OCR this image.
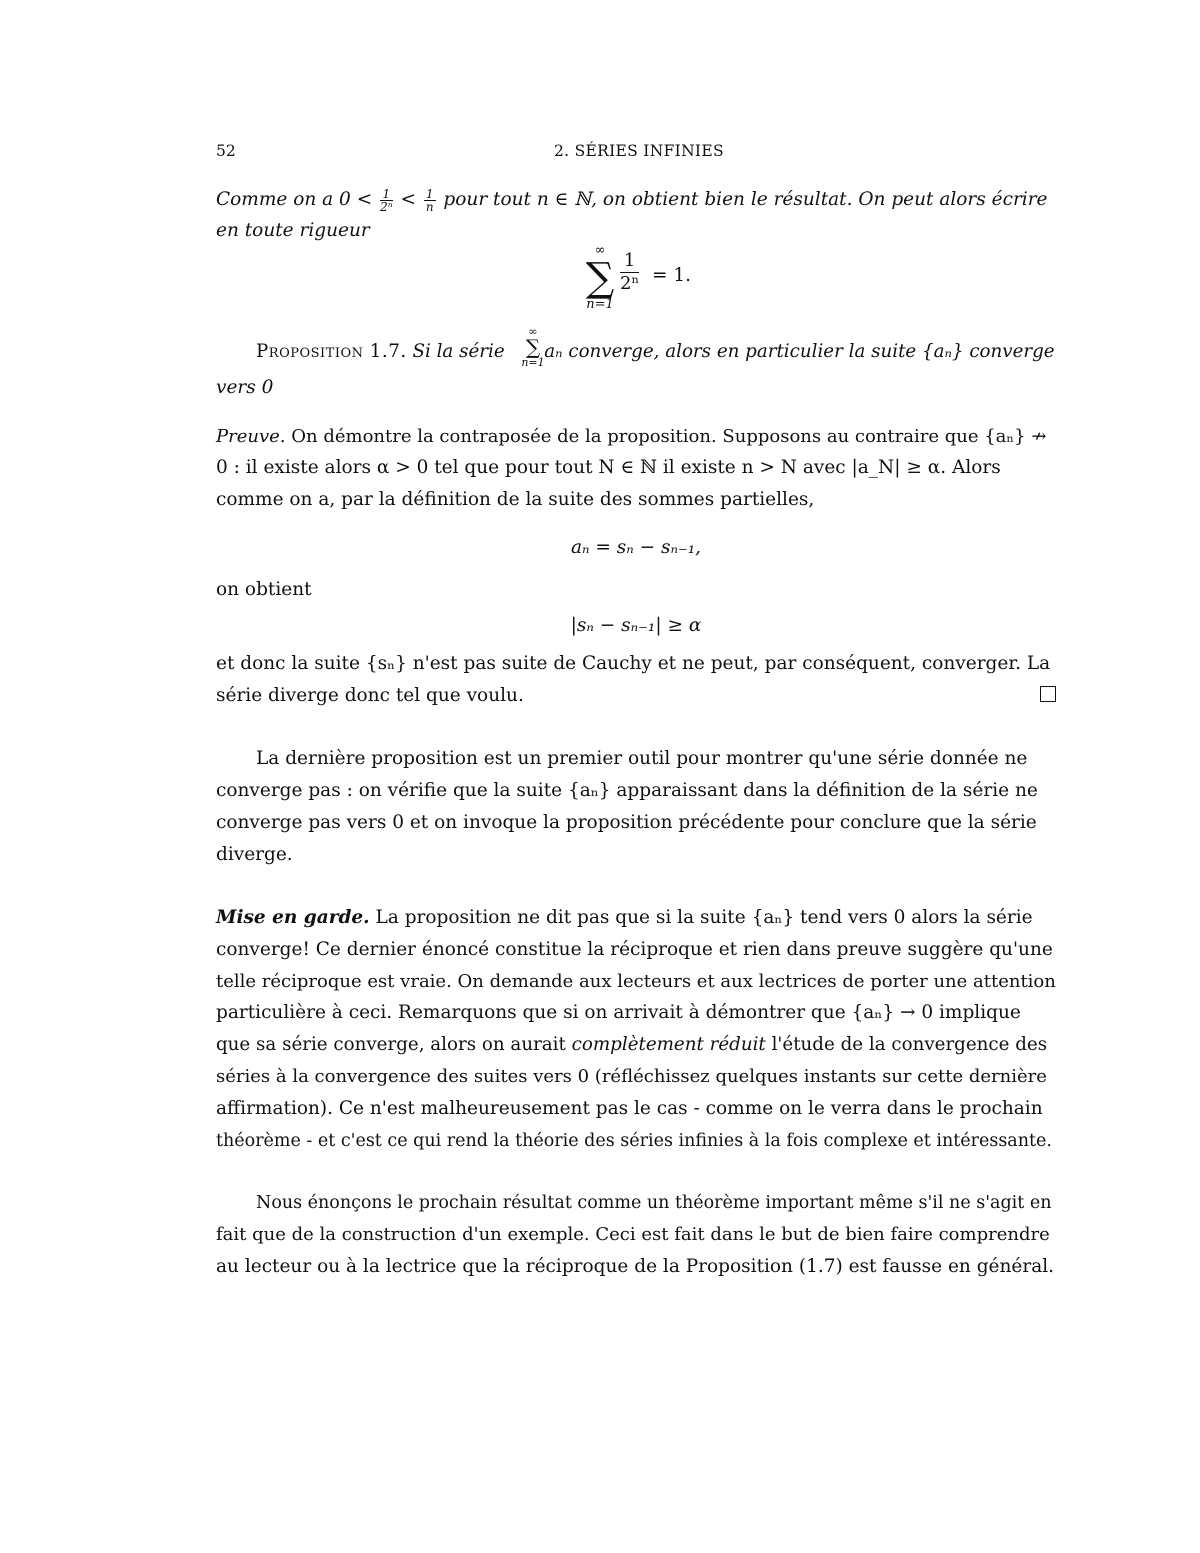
52	2. SÉRIES INFINIES
Comme on a $0 < \frac{1}{\text{2ⁿ}} < \frac{1}{n}$ pour tout n ∈ ℕ, on obtient bien le résultat. On peut alors écrire
en toute rigueur
∞
∑
n=1
$\frac{1}{\text{2ⁿ}} = 1$.
Proposition 1.7. Si la série aₙ converge, alors en particulier la suite {aₙ} converge
∞
∑
n=1
vers 0
Preuve. On démontre la contraposée de la proposition. Supposons au contraire que {aₙ} ↛
0 : il existe alors α > 0 tel que pour tout N ∈ ℕ il existe n > N avec |a_N| ≥ α. Alors
comme on a, par la définition de la suite des sommes partielles,
aₙ = sₙ − sₙ₋₁,
on obtient
|sₙ − sₙ₋₁| ≥ α
et donc la suite {sₙ} n'est pas suite de Cauchy et ne peut, par conséquent, converger. La
série diverge donc tel que voulu.
La dernière proposition est un premier outil pour montrer qu'une série donnée ne
converge pas : on vérifie que la suite {aₙ} apparaissant dans la définition de la série ne
converge pas vers 0 et on invoque la proposition précédente pour conclure que la série
diverge.
Mise en garde. La proposition ne dit pas que si la suite {aₙ} tend vers 0 alors la série
converge! Ce dernier énoncé constitue la réciproque et rien dans preuve suggère qu'une
telle réciproque est vraie. On demande aux lecteurs et aux lectrices de porter une attention
particulière à ceci. Remarquons que si on arrivait à démontrer que {aₙ} → 0 implique
que sa série converge, alors on aurait complètement réduit l'étude de la convergence des
séries à la convergence des suites vers 0 (réfléchissez quelques instants sur cette dernière
affirmation). Ce n'est malheureusement pas le cas - comme on le verra dans le prochain
théorème - et c'est ce qui rend la théorie des séries infinies à la fois complexe et intéressante.
Nous énonçons le prochain résultat comme un théorème important même s'il ne s'agit en
fait que de la construction d'un exemple. Ceci est fait dans le but de bien faire comprendre
au lecteur ou à la lectrice que la réciproque de la Proposition (1.7) est fausse en général.
